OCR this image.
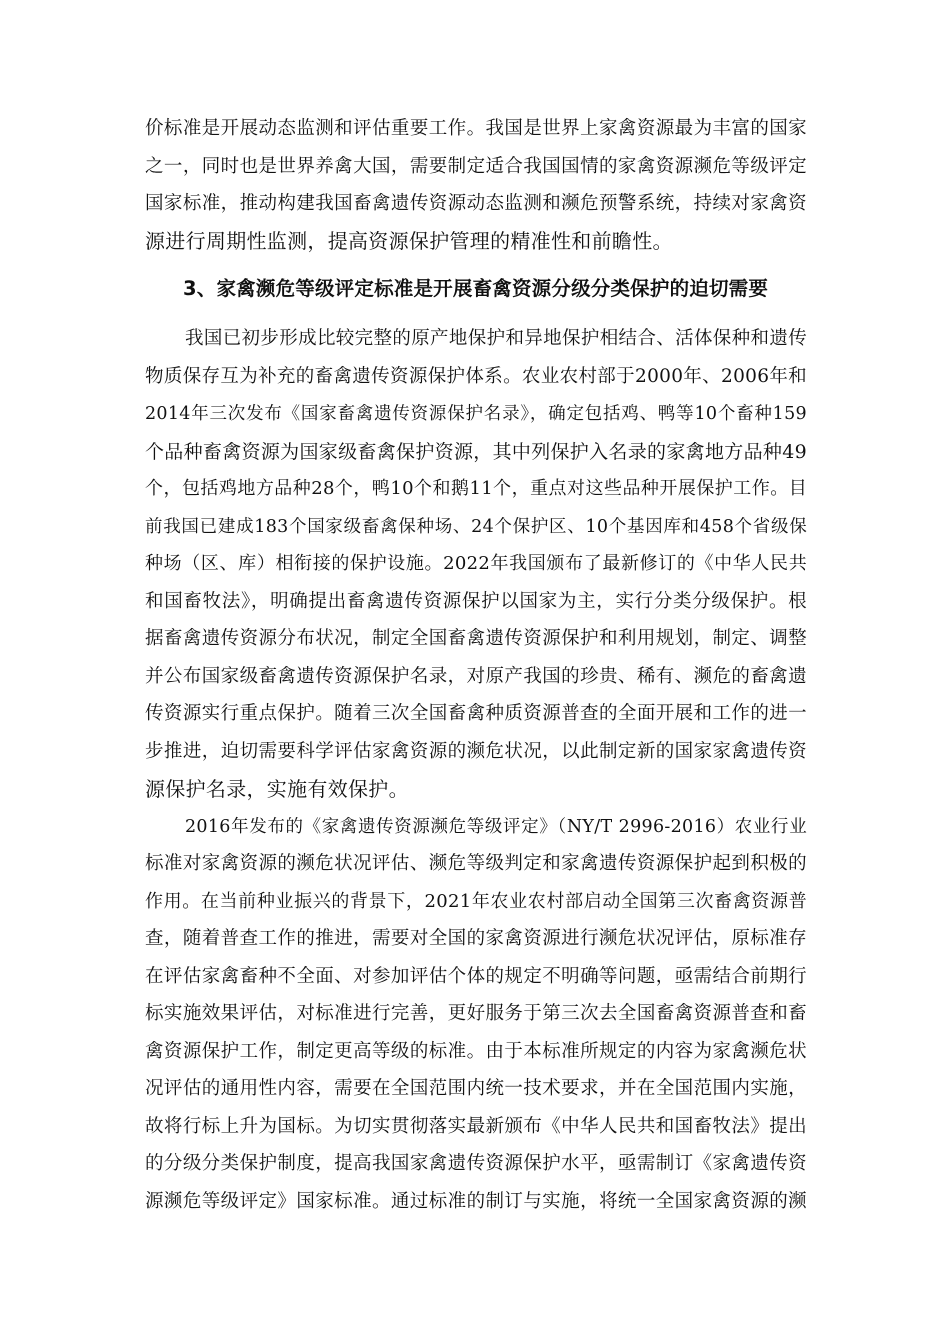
价标准是开展动态监测和评估重要工作。我国是世界上家禽资源最为丰富的国家
之一，同时也是世界养禽大国，需要制定适合我国国情的家禽资源濒危等级评定
国家标准，推动构建我国畜禽遗传资源动态监测和濒危预警系统，持续对家禽资
源进行周期性监测，提高资源保护管理的精准性和前瞻性。
3、家禽濒危等级评定标准是开展畜禽资源分级分类保护的迫切需要
我国已初步形成比较完整的原产地保护和异地保护相结合、活体保种和遗传
物质保存互为补充的畜禽遗传资源保护体系。农业农村部于2000年、2006年和
2014年三次发布《国家畜禽遗传资源保护名录》，确定包括鸡、鸭等10个畜种159
个品种畜禽资源为国家级畜禽保护资源，其中列保护入名录的家禽地方品种49
个，包括鸡地方品种28个，鸭10个和鹅11个，重点对这些品种开展保护工作。目
前我国已建成183个国家级畜禽保种场、24个保护区、10个基因库和458个省级保
种场（区、库）相衔接的保护设施。2022年我国颁布了最新修订的《中华人民共
和国畜牧法》，明确提出畜禽遗传资源保护以国家为主，实行分类分级保护。根
据畜禽遗传资源分布状况，制定全国畜禽遗传资源保护和利用规划，制定、调整
并公布国家级畜禽遗传资源保护名录，对原产我国的珍贵、稀有、濒危的畜禽遗
传资源实行重点保护。随着三次全国畜禽种质资源普查的全面开展和工作的进一
步推进，迫切需要科学评估家禽资源的濒危状况，以此制定新的国家家禽遗传资
源保护名录，实施有效保护。
2016年发布的《家禽遗传资源濒危等级评定》（NY/T 2996-2016）农业行业
标准对家禽资源的濒危状况评估、濒危等级判定和家禽遗传资源保护起到积极的
作用。在当前种业振兴的背景下，2021年农业农村部启动全国第三次畜禽资源普
查，随着普查工作的推进，需要对全国的家禽资源进行濒危状况评估，原标准存
在评估家禽畜种不全面、对参加评估个体的规定不明确等问题，亟需结合前期行
标实施效果评估，对标准进行完善，更好服务于第三次去全国畜禽资源普查和畜
禽资源保护工作，制定更高等级的标准。由于本标准所规定的内容为家禽濒危状
况评估的通用性内容，需要在全国范围内统一技术要求，并在全国范围内实施，
故将行标上升为国标。为切实贯彻落实最新颁布《中华人民共和国畜牧法》提出
的分级分类保护制度，提高我国家禽遗传资源保护水平，亟需制订《家禽遗传资
源濒危等级评定》国家标准。通过标准的制订与实施，将统一全国家禽资源的濒
